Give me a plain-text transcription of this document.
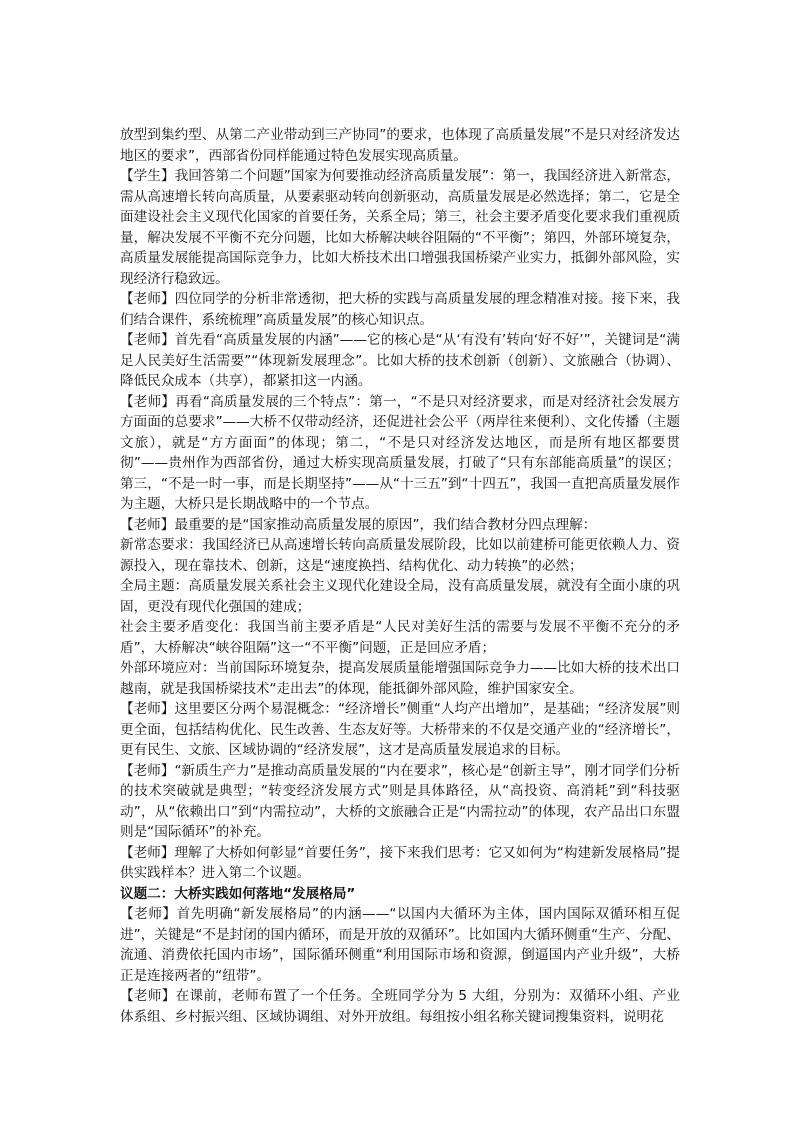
放型到集约型、从第二产业带动到三产协同”的要求，也体现了高质量发展”不是只对经济发达地区的要求”，西部省份同样能通过特色发展实现高质量。

【学生】我回答第二个问题”国家为何要推动经济高质量发展”：第一，我国经济进入新常态，需从高速增长转向高质量，从要素驱动转向创新驱动，高质量发展是必然选择；第二，它是全面建设社会主义现代化国家的首要任务，关系全局；第三，社会主要矛盾变化要求我们重视质量，解决发展不平衡不充分问题，比如大桥解决峡谷阻隔的“不平衡”；第四，外部环境复杂，高质量发展能提高国际竞争力，比如大桥技术出口增强我国桥梁产业实力，抵御外部风险，实现经济行稳致远。

【老师】四位同学的分析非常透彻，把大桥的实践与高质量发展的理念精准对接。接下来，我们结合课件，系统梳理”高质量发展”的核心知识点。

【老师】首先看“高质量发展的内涵”——它的核心是“从‘有没有’转向‘好不好’”，关键词是“满足人民美好生活需要”“体现新发展理念”。比如大桥的技术创新（创新）、文旅融合（协调）、降低民众成本（共享），都紧扣这一内涵。

【老师】再看“高质量发展的三个特点”：第一，“不是只对经济要求，而是对经济社会发展方方面面的总要求”——大桥不仅带动经济，还促进社会公平（两岸往来便利）、文化传播（主题文旅），就是“方方面面”的体现；第二，“不是只对经济发达地区，而是所有地区都要贯彻”——贵州作为西部省份，通过大桥实现高质量发展，打破了“只有东部能高质量”的误区；第三，“不是一时一事，而是长期坚持”——从“十三五”到“十四五”，我国一直把高质量发展作为主题，大桥只是长期战略中的一个节点。

【老师】最重要的是“国家推动高质量发展的原因”，我们结合教材分四点理解：

新常态要求：我国经济已从高速增长转向高质量发展阶段，比如以前建桥可能更依赖人力、资源投入，现在靠技术、创新，这是“速度换挡、结构优化、动力转换”的必然；

全局主题：高质量发展关系社会主义现代化建设全局，没有高质量发展，就没有全面小康的巩固，更没有现代化强国的建成；

社会主要矛盾变化：我国当前主要矛盾是“人民对美好生活的需要与发展不平衡不充分的矛盾”，大桥解决“峡谷阻隔”这一“不平衡”问题，正是回应矛盾；

外部环境应对：当前国际环境复杂，提高发展质量能增强国际竞争力——比如大桥的技术出口越南，就是我国桥梁技术“走出去”的体现，能抵御外部风险，维护国家安全。

【老师】这里要区分两个易混概念：“经济增长”侧重“人均产出增加”，是基础；“经济发展”则更全面，包括结构优化、民生改善、生态友好等。大桥带来的不仅是交通产业的“经济增长”，更有民生、文旅、区域协调的“经济发展”，这才是高质量发展追求的目标。

【老师】“新质生产力”是推动高质量发展的“内在要求”，核心是“创新主导”，刚才同学们分析的技术突破就是典型；“转变经济发展方式”则是具体路径，从“高投资、高消耗”到“科技驱动”，从“依赖出口”到“内需拉动”，大桥的文旅融合正是“内需拉动”的体现，农产品出口东盟则是“国际循环”的补充。

【老师】理解了大桥如何彰显“首要任务”，接下来我们思考：它又如何为“构建新发展格局”提供实践样本？进入第二个议题。

议题二：大桥实践如何落地“发展格局”

【老师】首先明确“新发展格局”的内涵——“以国内大循环为主体，国内国际双循环相互促进”，关键是“不是封闭的国内循环，而是开放的双循环”。比如国内大循环侧重“生产、分配、流通、消费依托国内市场”，国际循环侧重“利用国际市场和资源，倒逼国内产业升级”，大桥正是连接两者的“纽带”。

【老师】在课前，老师布置了一个任务。全班同学分为 5 大组，分别为：双循环小组、产业体系组、乡村振兴组、区域协调组、对外开放组。每组按小组名称关键词搜集资料，说明花
